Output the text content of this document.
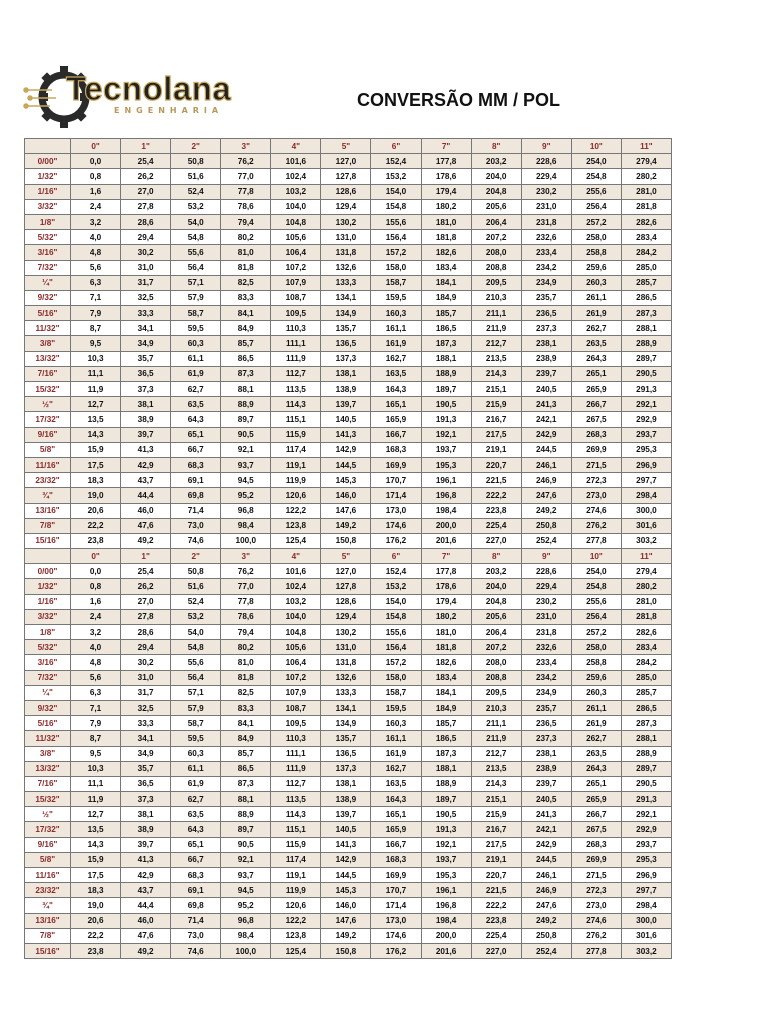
Tecnolana
ENGENHARIA
CONVERSÃO MM / POL
	0"	1"	2"	3"	4"	5"	6"	7"	8"	9"	10"	11"
0/00"	0,0	25,4	50,8	76,2	101,6	127,0	152,4	177,8	203,2	228,6	254,0	279,4
1/32"	0,8	26,2	51,6	77,0	102,4	127,8	153,2	178,6	204,0	229,4	254,8	280,2
1/16"	1,6	27,0	52,4	77,8	103,2	128,6	154,0	179,4	204,8	230,2	255,6	281,0
3/32"	2,4	27,8	53,2	78,6	104,0	129,4	154,8	180,2	205,6	231,0	256,4	281,8
1/8"	3,2	28,6	54,0	79,4	104,8	130,2	155,6	181,0	206,4	231,8	257,2	282,6
5/32"	4,0	29,4	54,8	80,2	105,6	131,0	156,4	181,8	207,2	232,6	258,0	283,4
3/16"	4,8	30,2	55,6	81,0	106,4	131,8	157,2	182,6	208,0	233,4	258,8	284,2
7/32"	5,6	31,0	56,4	81,8	107,2	132,6	158,0	183,4	208,8	234,2	259,6	285,0
¼"	6,3	31,7	57,1	82,5	107,9	133,3	158,7	184,1	209,5	234,9	260,3	285,7
9/32"	7,1	32,5	57,9	83,3	108,7	134,1	159,5	184,9	210,3	235,7	261,1	286,5
5/16"	7,9	33,3	58,7	84,1	109,5	134,9	160,3	185,7	211,1	236,5	261,9	287,3
11/32"	8,7	34,1	59,5	84,9	110,3	135,7	161,1	186,5	211,9	237,3	262,7	288,1
3/8"	9,5	34,9	60,3	85,7	111,1	136,5	161,9	187,3	212,7	238,1	263,5	288,9
13/32"	10,3	35,7	61,1	86,5	111,9	137,3	162,7	188,1	213,5	238,9	264,3	289,7
7/16"	11,1	36,5	61,9	87,3	112,7	138,1	163,5	188,9	214,3	239,7	265,1	290,5
15/32"	11,9	37,3	62,7	88,1	113,5	138,9	164,3	189,7	215,1	240,5	265,9	291,3
½"	12,7	38,1	63,5	88,9	114,3	139,7	165,1	190,5	215,9	241,3	266,7	292,1
17/32"	13,5	38,9	64,3	89,7	115,1	140,5	165,9	191,3	216,7	242,1	267,5	292,9
9/16"	14,3	39,7	65,1	90,5	115,9	141,3	166,7	192,1	217,5	242,9	268,3	293,7
5/8"	15,9	41,3	66,7	92,1	117,4	142,9	168,3	193,7	219,1	244,5	269,9	295,3
11/16"	17,5	42,9	68,3	93,7	119,1	144,5	169,9	195,3	220,7	246,1	271,5	296,9
23/32"	18,3	43,7	69,1	94,5	119,9	145,3	170,7	196,1	221,5	246,9	272,3	297,7
¾"	19,0	44,4	69,8	95,2	120,6	146,0	171,4	196,8	222,2	247,6	273,0	298,4
13/16"	20,6	46,0	71,4	96,8	122,2	147,6	173,0	198,4	223,8	249,2	274,6	300,0
7/8"	22,2	47,6	73,0	98,4	123,8	149,2	174,6	200,0	225,4	250,8	276,2	301,6
15/16"	23,8	49,2	74,6	100,0	125,4	150,8	176,2	201,6	227,0	252,4	277,8	303,2
	0"	1"	2"	3"	4"	5"	6"	7"	8"	9"	10"	11"
0/00"	0,0	25,4	50,8	76,2	101,6	127,0	152,4	177,8	203,2	228,6	254,0	279,4
1/32"	0,8	26,2	51,6	77,0	102,4	127,8	153,2	178,6	204,0	229,4	254,8	280,2
1/16"	1,6	27,0	52,4	77,8	103,2	128,6	154,0	179,4	204,8	230,2	255,6	281,0
3/32"	2,4	27,8	53,2	78,6	104,0	129,4	154,8	180,2	205,6	231,0	256,4	281,8
1/8"	3,2	28,6	54,0	79,4	104,8	130,2	155,6	181,0	206,4	231,8	257,2	282,6
5/32"	4,0	29,4	54,8	80,2	105,6	131,0	156,4	181,8	207,2	232,6	258,0	283,4
3/16"	4,8	30,2	55,6	81,0	106,4	131,8	157,2	182,6	208,0	233,4	258,8	284,2
7/32"	5,6	31,0	56,4	81,8	107,2	132,6	158,0	183,4	208,8	234,2	259,6	285,0
¼"	6,3	31,7	57,1	82,5	107,9	133,3	158,7	184,1	209,5	234,9	260,3	285,7
9/32"	7,1	32,5	57,9	83,3	108,7	134,1	159,5	184,9	210,3	235,7	261,1	286,5
5/16"	7,9	33,3	58,7	84,1	109,5	134,9	160,3	185,7	211,1	236,5	261,9	287,3
11/32"	8,7	34,1	59,5	84,9	110,3	135,7	161,1	186,5	211,9	237,3	262,7	288,1
3/8"	9,5	34,9	60,3	85,7	111,1	136,5	161,9	187,3	212,7	238,1	263,5	288,9
13/32"	10,3	35,7	61,1	86,5	111,9	137,3	162,7	188,1	213,5	238,9	264,3	289,7
7/16"	11,1	36,5	61,9	87,3	112,7	138,1	163,5	188,9	214,3	239,7	265,1	290,5
15/32"	11,9	37,3	62,7	88,1	113,5	138,9	164,3	189,7	215,1	240,5	265,9	291,3
½"	12,7	38,1	63,5	88,9	114,3	139,7	165,1	190,5	215,9	241,3	266,7	292,1
17/32"	13,5	38,9	64,3	89,7	115,1	140,5	165,9	191,3	216,7	242,1	267,5	292,9
9/16"	14,3	39,7	65,1	90,5	115,9	141,3	166,7	192,1	217,5	242,9	268,3	293,7
5/8"	15,9	41,3	66,7	92,1	117,4	142,9	168,3	193,7	219,1	244,5	269,9	295,3
11/16"	17,5	42,9	68,3	93,7	119,1	144,5	169,9	195,3	220,7	246,1	271,5	296,9
23/32"	18,3	43,7	69,1	94,5	119,9	145,3	170,7	196,1	221,5	246,9	272,3	297,7
¾"	19,0	44,4	69,8	95,2	120,6	146,0	171,4	196,8	222,2	247,6	273,0	298,4
13/16"	20,6	46,0	71,4	96,8	122,2	147,6	173,0	198,4	223,8	249,2	274,6	300,0
7/8"	22,2	47,6	73,0	98,4	123,8	149,2	174,6	200,0	225,4	250,8	276,2	301,6
15/16"	23,8	49,2	74,6	100,0	125,4	150,8	176,2	201,6	227,0	252,4	277,8	303,2
